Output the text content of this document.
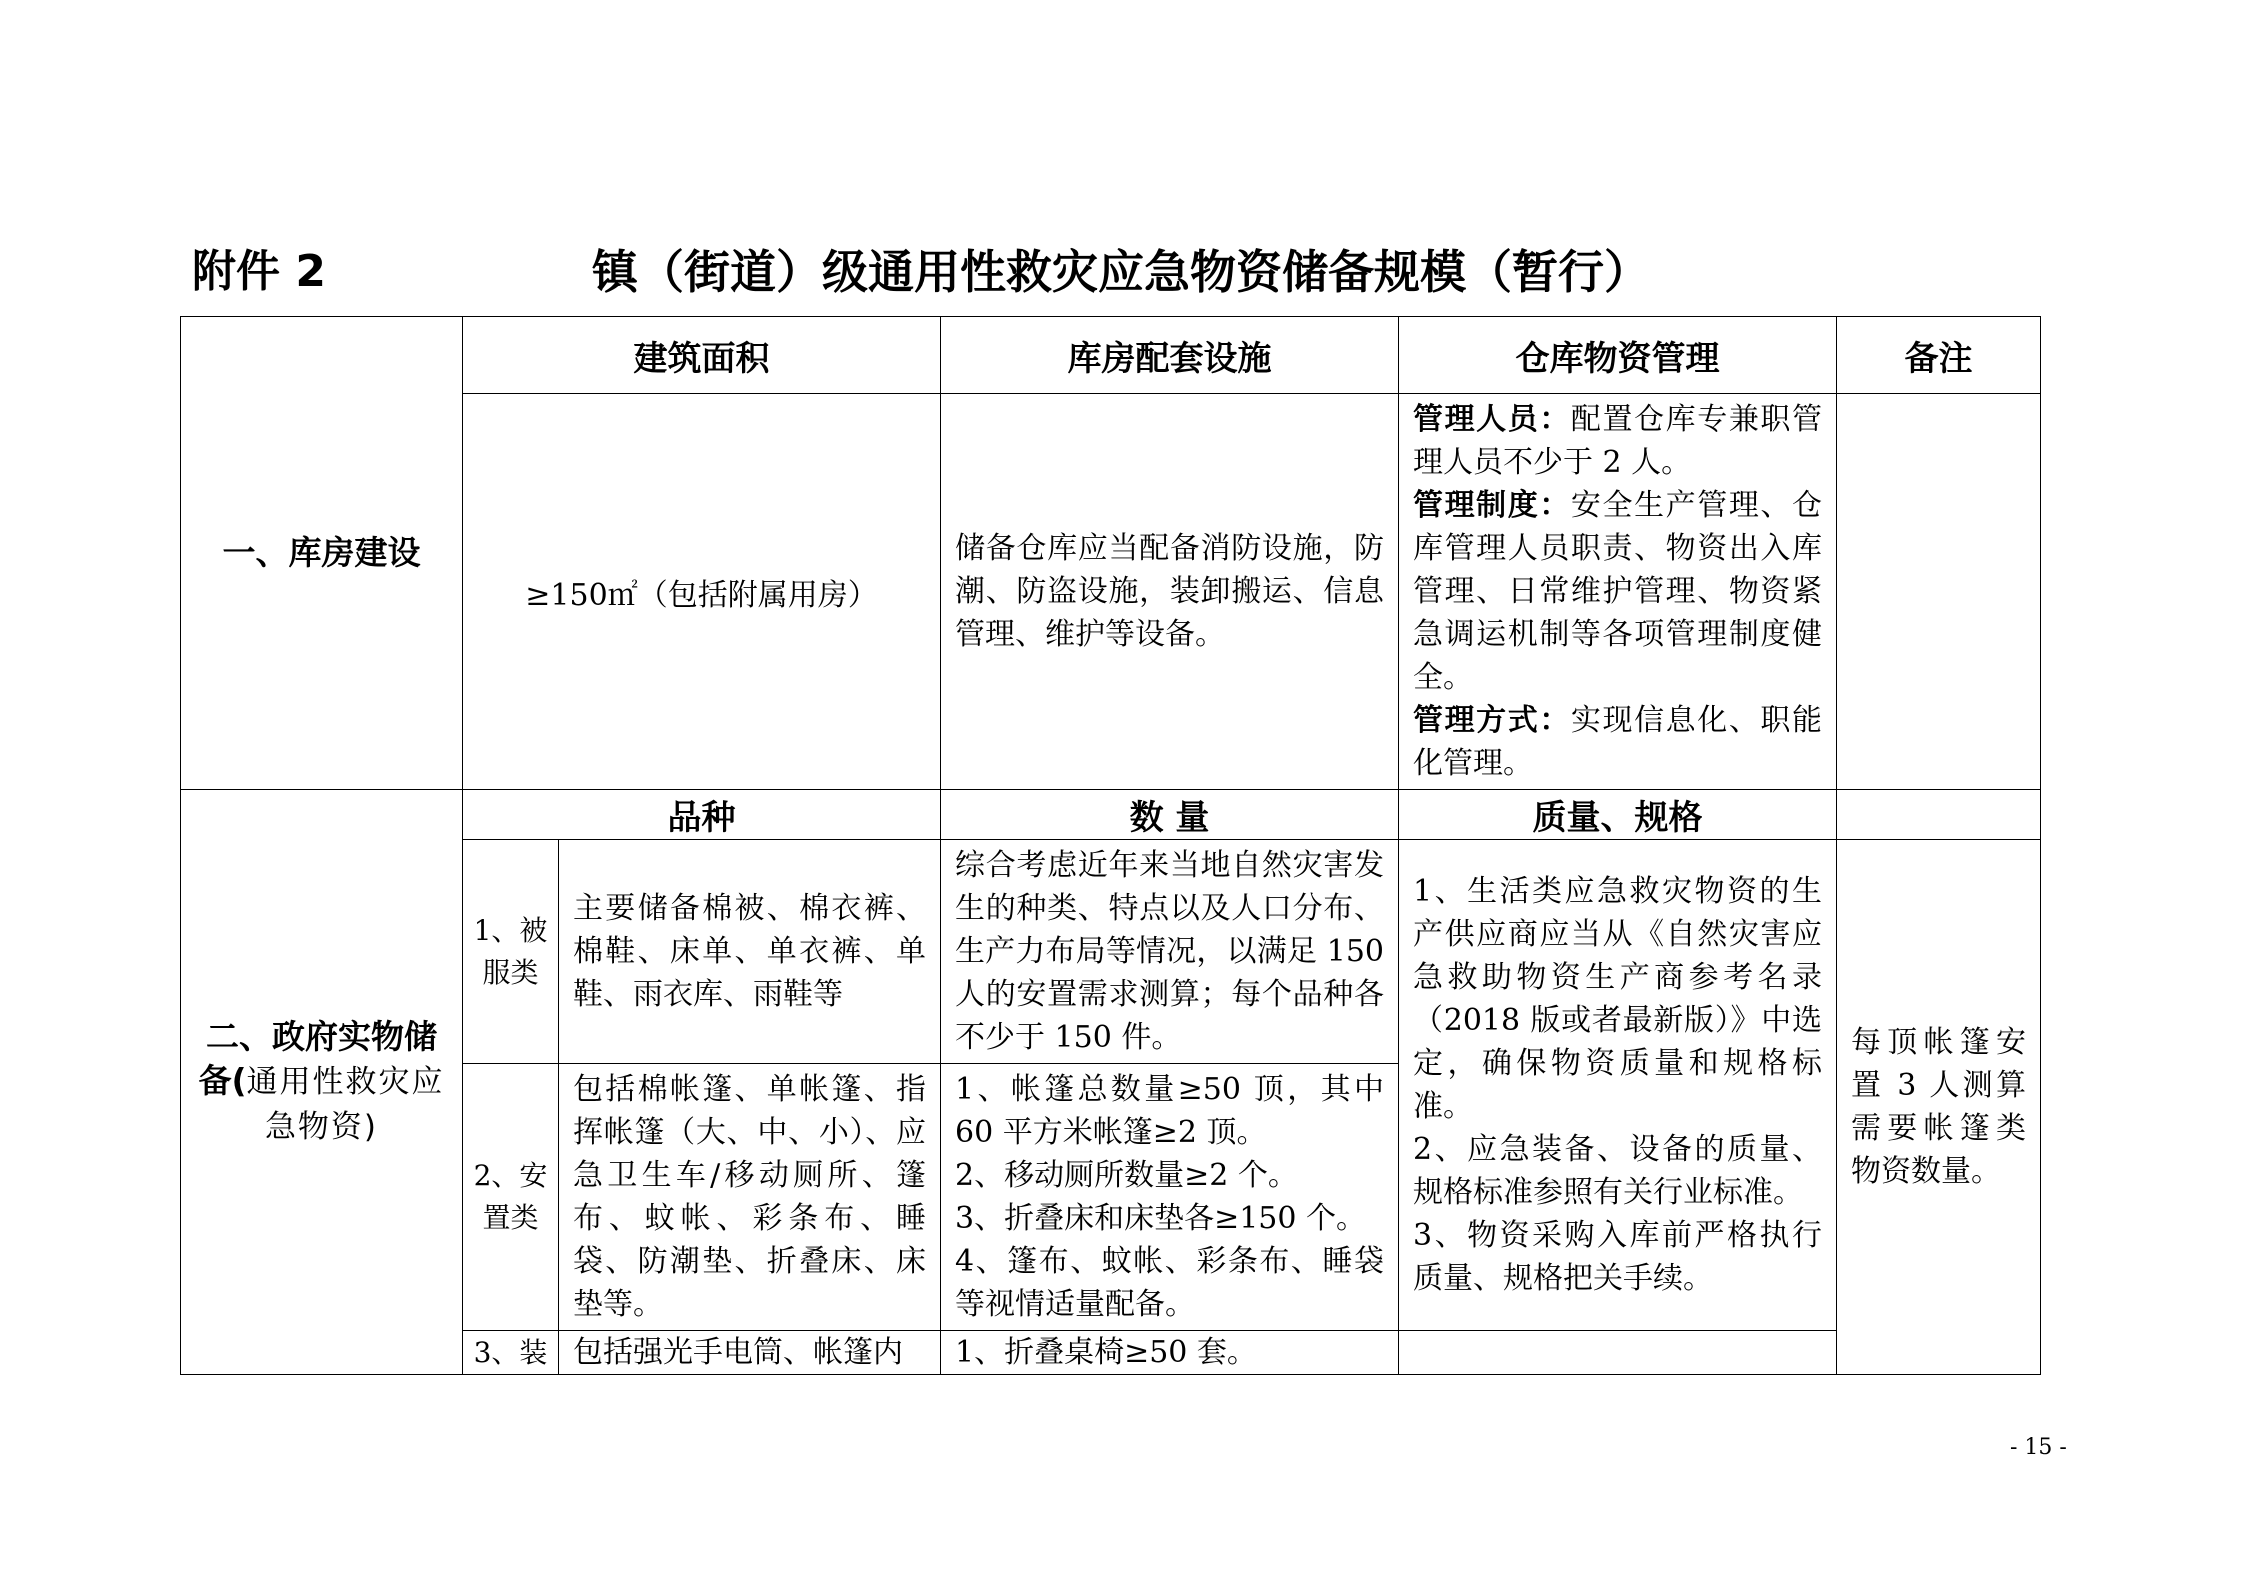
附件 2	镇（街道）级通用性救灾应急物资储备规模（暂行）
一、库房建设	建筑面积		库房配套设施	仓库物资管理	备注
	≥150㎡（包括附属用房）		储备仓库应当配备消防设施，防潮、防盗设施，装卸搬运、信息管理、维护等设备。	管理人员：配置仓库专兼职管理人员不少于 2 人。
管理制度：安全生产管理、仓库管理人员职责、物资出入库管理、日常维护管理、物资紧急调运机制等各项管理制度健全。
管理方式：实现信息化、职能化管理。	

二、政府实物储备(通用性救灾应急物资)	品种		数 量	质量、规格	
	1、被服类	主要储备棉被、棉衣裤、棉鞋、床单、单衣裤、单鞋、雨衣库、雨鞋等	综合考虑近年来当地自然灾害发生的种类、特点以及人口分布、生产力布局等情况，以满足 150 人的安置需求测算；每个品种各不少于 150 件。	1、生活类应急救灾物资的生产供应商应当从《自然灾害应急救助物资生产商参考名录（2018 版或者最新版）》中选定，确保物资质量和规格标准。
2、应急装备、设备的质量、规格标准参照有关行业标准。
3、物资采购入库前严格执行质量、规格把关手续。	每顶帐篷安置 3 人测算需要帐篷类物资数量。
	2、安置类	包括棉帐篷、单帐篷、指挥帐篷（大、中、小）、应急卫生车/移动厕所、篷布、蚊帐、彩条布、睡袋、防潮垫、折叠床、床垫等。	1、帐篷总数量≥50 顶，其中 60 平方米帐篷≥2 顶。
2、移动厕所数量≥2 个。
3、折叠床和床垫各≥150 个。
4、篷布、蚊帐、彩条布、睡袋等视情适量配备。		

	3、装	包括强光手电筒、帐篷内	1、折叠桌椅≥50 套。		
- 15 -
